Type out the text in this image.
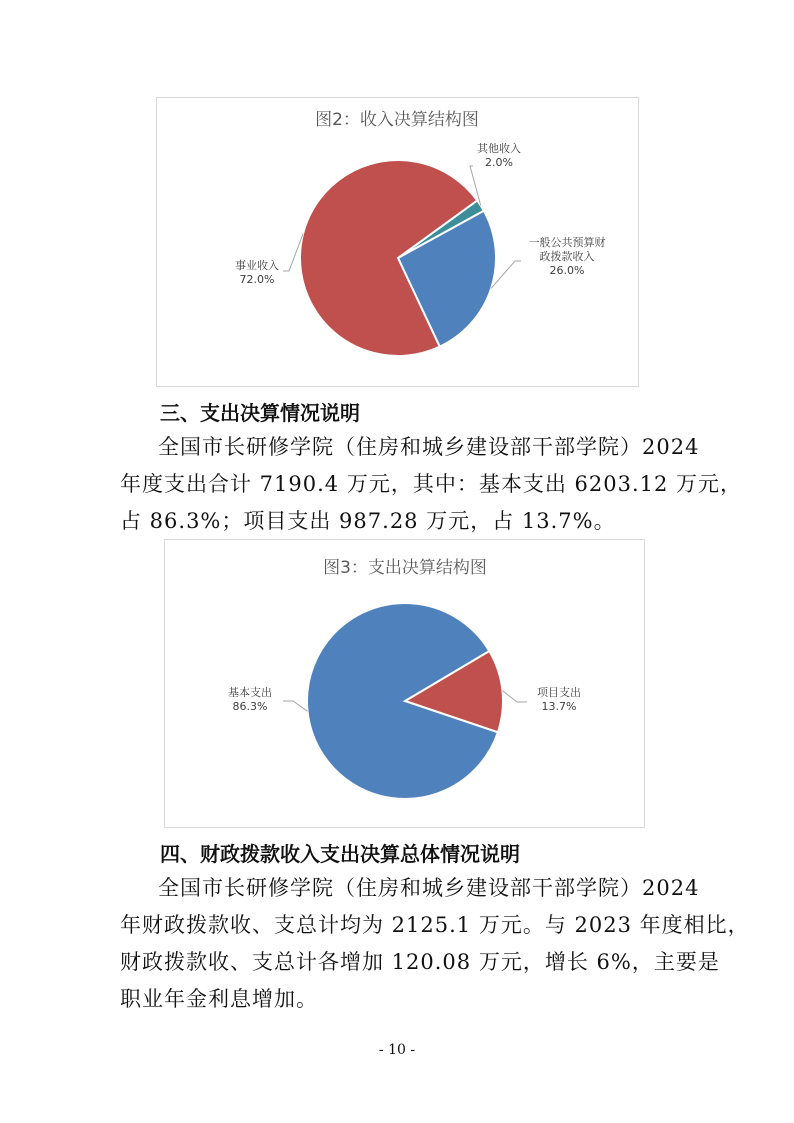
图2：收入决算结构图
其他收入
2.0%
一般公共预算财
政拨款收入
26.0%
事业收入
72.0%
三、支出决算情况说明

全国市长研修学院（住房和城乡建设部干部学院）2024

年度支出合计 7190.4 万元，其中：基本支出 6203.12 万元，

占 86.3%；项目支出 987.28 万元，占 13.7%。

图3：支出决算结构图
项目支出
13.7%
基本支出
86.3%
四、财政拨款收入支出决算总体情况说明

全国市长研修学院（住房和城乡建设部干部学院）2024

年财政拨款收、支总计均为 2125.1 万元。与 2023 年度相比，

财政拨款收、支总计各增加 120.08 万元，增长 6%，主要是

职业年金利息增加。

- 10 -
